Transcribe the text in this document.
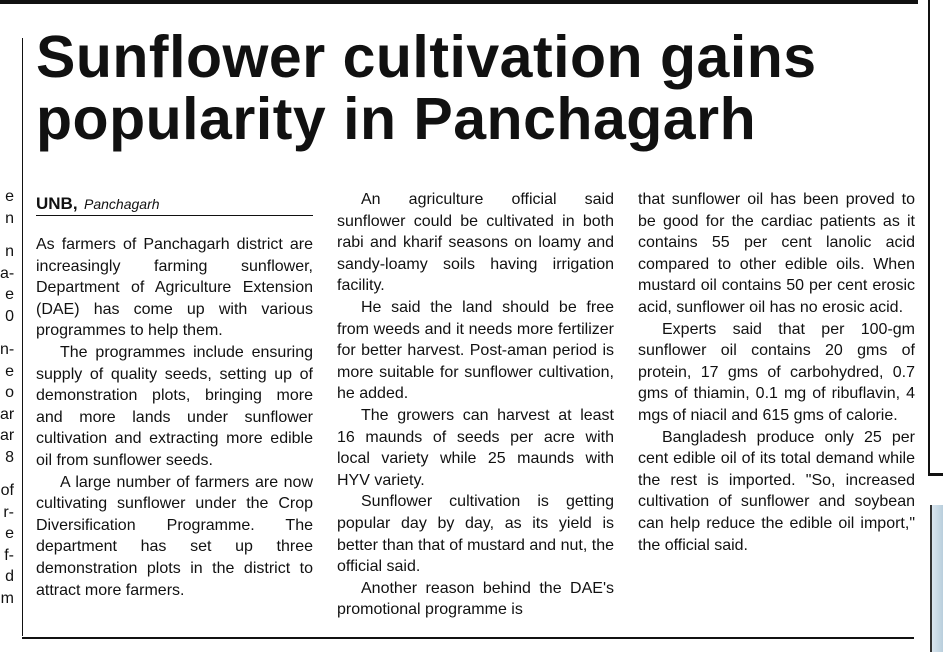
e
n
n
a-
e
0
n-
e
o
ar
ar
8
of
r-
e
f-
d
m
Sunflower cultivation gains
popularity in Panchagarh
UNB, Panchagarh

As farmers of Panchagarh district are increasingly farming sunflower, Department of Agriculture Extension (DAE) has come up with various programmes to help them.

The programmes include ensuring supply of quality seeds, setting up of demonstration plots, bringing more and more lands under sunflower cultivation and extracting more edible oil from sunflower seeds.

A large number of farmers are now cultivating sunflower under the Crop Diversification Programme. The department has set up three demonstration plots in the district to attract more farmers.

An agriculture official said sunflower could be cultivated in both rabi and kharif seasons on loamy and sandy-loamy soils having irrigation facility.

He said the land should be free from weeds and it needs more fertilizer for better harvest. Post-aman period is more suitable for sunflower cultivation, he added.

The growers can harvest at least 16 maunds of seeds per acre with local variety while 25 maunds with HYV variety.

Sunflower cultivation is getting popular day by day, as its yield is better than that of mustard and nut, the official said.

Another reason behind the DAE's promotional programme is

that sunflower oil has been proved to be good for the cardiac patients as it contains 55 per cent lanolic acid compared to other edible oils. When mustard oil contains 50 per cent erosic acid, sunflower oil has no erosic acid.

Experts said that per 100-gm sunflower oil contains 20 gms of protein, 17 gms of carbohydred, 0.7 gms of thiamin, 0.1 mg of ribuflavin, 4 mgs of niacil and 615 gms of calorie.

Bangladesh produce only 25 per cent edible oil of its total demand while the rest is imported. "So, increased cultivation of sunflower and soybean can help reduce the edible oil import," the official said.
